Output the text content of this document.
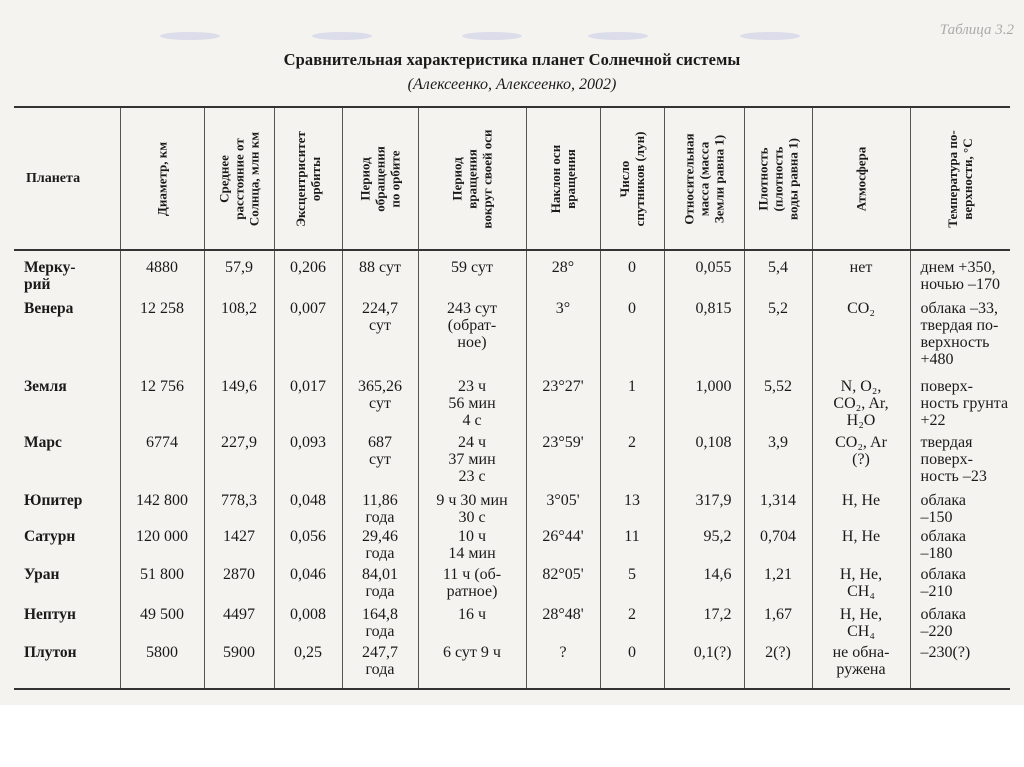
Таблица 3.2
Сравнительная характеристика планет Солнечной системы
(Алексеенко, Алексеенко, 2002)
Планета	Диаметр, км	Среднее
расстояние от
Солнца, млн км	Эксцентриситет
орбиты	Период
обращения
по орбите	Период
вращения
вокруг своей оси	Наклон оси
вращения	Число
спутников (лун)	Относительная
масса (масса
Земли равна 1)	Плотность
(плотность
воды равна 1)	Атмосфера	Температура по-
верхности, °С

Мерку-
рий	4880	57,9	0,206	88 сут	59 сут	28°	0	0,055	5,4	нет	днем +350,
ночью –170
Венера	12 258	108,2	0,007	224,7
сут	243 сут
(обрат-
ное)	3°	0	0,815	5,2	CO₂	облака –33,
твердая по-
верхность
+480
Земля	12 756	149,6	0,017	365,26
сут	23 ч
56 мин
4 с	23°27'	1	1,000	5,52	N, O₂,
CO₂, Ar,
H₂O	поверх-
ность грунта
+22
Марс	6774	227,9	0,093	687
сут	24 ч
37 мин
23 с	23°59'	2	0,108	3,9	CO₂, Ar
(?)	твердая
поверх-
ность –23
Юпитер	142 800	778,3	0,048	11,86
года	9 ч 30 мин
30 с	3°05'	13	317,9	1,314	H, He	облака
–150
Сатурн	120 000	1427	0,056	29,46
года	10 ч
14 мин	26°44'	11	95,2	0,704	H, He	облака
–180
Уран	51 800	2870	0,046	84,01
года	11 ч (об-
ратное)	82°05'	5	14,6	1,21	H, He,
CH₄	облака
–210
Нептун	49 500	4497	0,008	164,8
года	16 ч	28°48'	2	17,2	1,67	H, He,
CH₄	облака
–220
Плутон	5800	5900	0,25	247,7
года	6 сут 9 ч	?	0	0,1(?)	2(?)	не обна-
ружена	–230(?)
